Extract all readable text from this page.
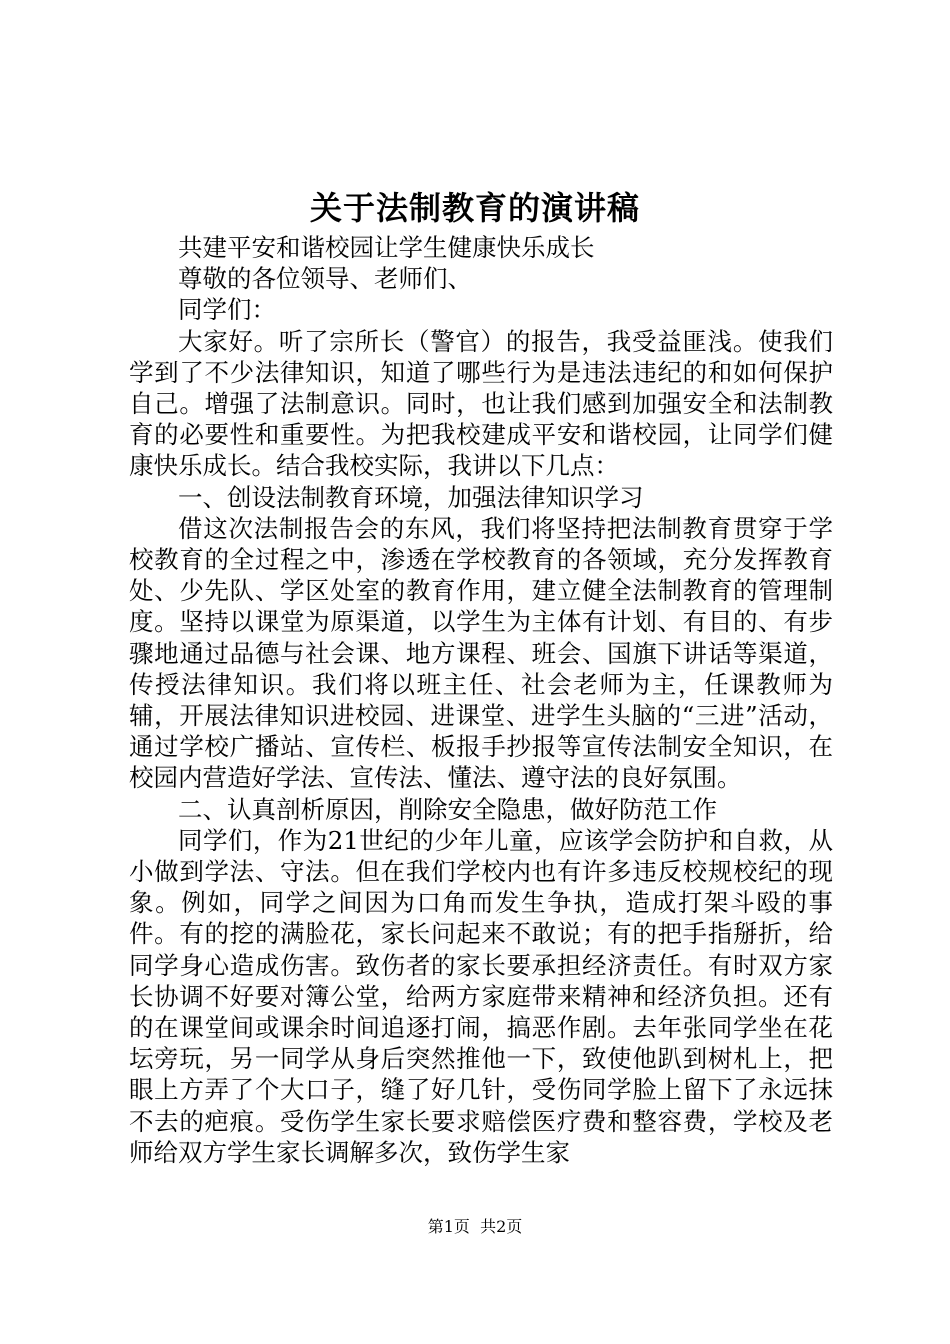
关于法制教育的演讲稿

共建平安和谐校园让学生健康快乐成长

尊敬的各位领导、老师们、

同学们：

大家好。听了宗所长（警官）的报告，我受益匪浅。使我们学到了不少法律知识，知道了哪些行为是违法违纪的和如何保护自己。增强了法制意识。同时，也让我们感到加强安全和法制教育的必要性和重要性。为把我校建成平安和谐校园，让同学们健康快乐成长。结合我校实际，我讲以下几点：

一、创设法制教育环境，加强法律知识学习

借这次法制报告会的东风，我们将坚持把法制教育贯穿于学校教育的全过程之中，渗透在学校教育的各领域，充分发挥教育处、少先队、学区处室的教育作用，建立健全法制教育的管理制度。坚持以课堂为原渠道，以学生为主体有计划、有目的、有步骤地通过品德与社会课、地方课程、班会、国旗下讲话等渠道，传授法律知识。我们将以班主任、社会老师为主，任课教师为辅，开展法律知识进校园、进课堂、进学生头脑的“三进”活动，通过学校广播站、宣传栏、板报手抄报等宣传法制安全知识，在校园内营造好学法、宣传法、懂法、遵守法的良好氛围。

二、认真剖析原因，削除安全隐患，做好防范工作

同学们，作为21世纪的少年儿童，应该学会防护和自救，从小做到学法、守法。但在我们学校内也有许多违反校规校纪的现象。例如，同学之间因为口角而发生争执，造成打架斗殴的事件。有的挖的满脸花，家长问起来不敢说；有的把手指掰折，给同学身心造成伤害。致伤者的家长要承担经济责任。有时双方家长协调不好要对簿公堂，给两方家庭带来精神和经济负担。还有的在课堂间或课余时间追逐打闹，搞恶作剧。去年张同学坐在花坛旁玩，另一同学从身后突然推他一下，致使他趴到树札上，把眼上方弄了个大口子，缝了好几针，受伤同学脸上留下了永远抹不去的疤痕。受伤学生家长要求赔偿医疗费和整容费，学校及老师给双方学生家长调解多次，致伤学生家

第1页 共2页
